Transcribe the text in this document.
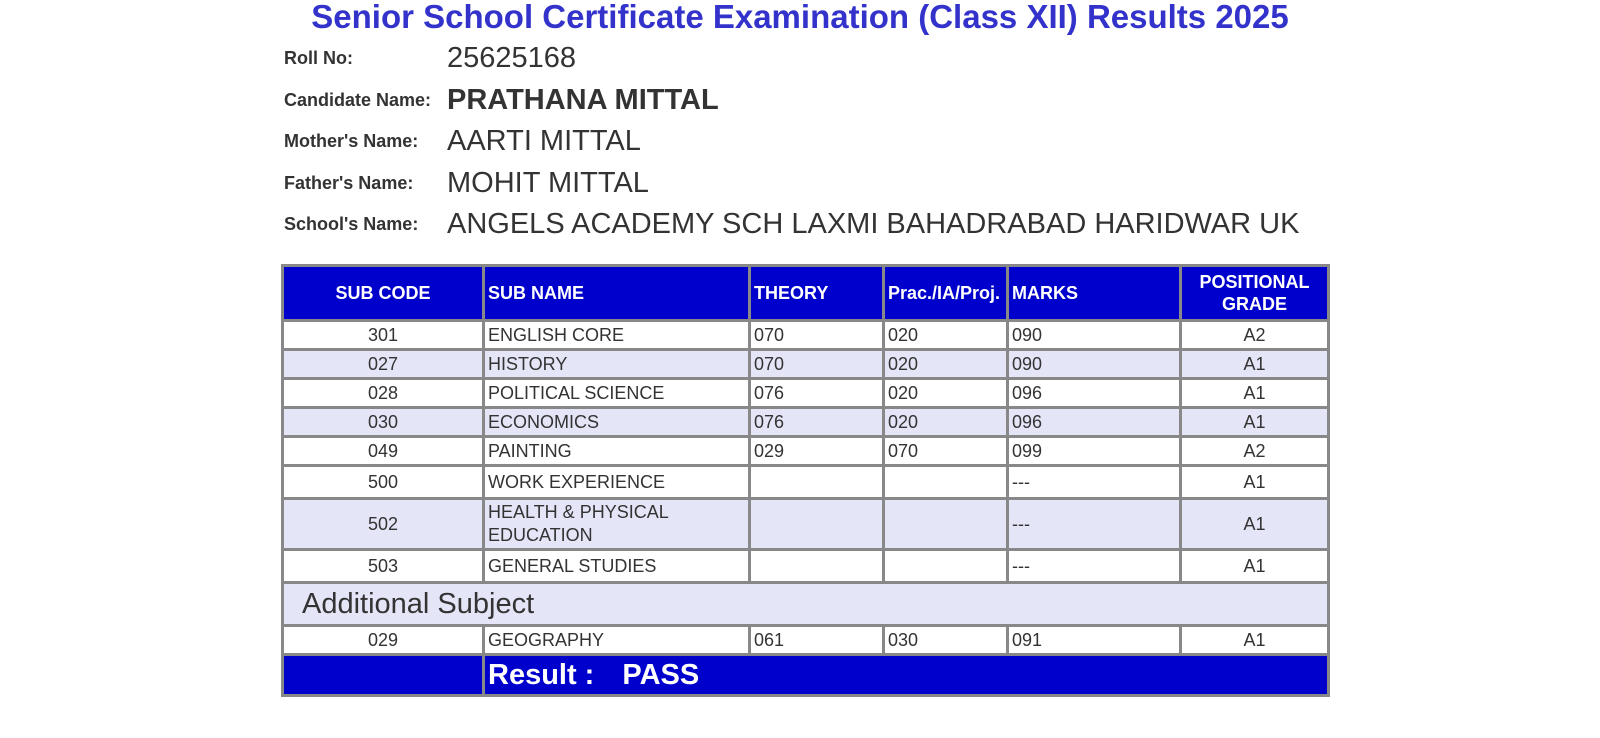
Senior School Certificate Examination (Class XII) Results 2025
Roll No:	25625168
Candidate Name: PRATHANA MITTAL
Mother's Name: AARTI MITTAL
Father's Name:	MOHIT MITTAL
School's Name: ANGELS ACADEMY SCH LAXMI BAHADRABAD HARIDWAR UK
SUB CODE	SUB NAME	THEORY	Prac./IA/Proj.	MARKS	POSITIONAL GRADE
301	ENGLISH CORE	070	020	090	A2
027	HISTORY	070	020	090	A1
028	POLITICAL SCIENCE	076	020	096	A1
030	ECONOMICS	076	020	096	A1
049	PAINTING	029	070	099	A2
500	WORK EXPERIENCE			---	A1
502	HEALTH & PHYSICAL EDUCATION			---	A1
503	GENERAL STUDIES			---	A1
Additional Subject					
029	GEOGRAPHY	061	030	091	A1
	Result : PASS				
